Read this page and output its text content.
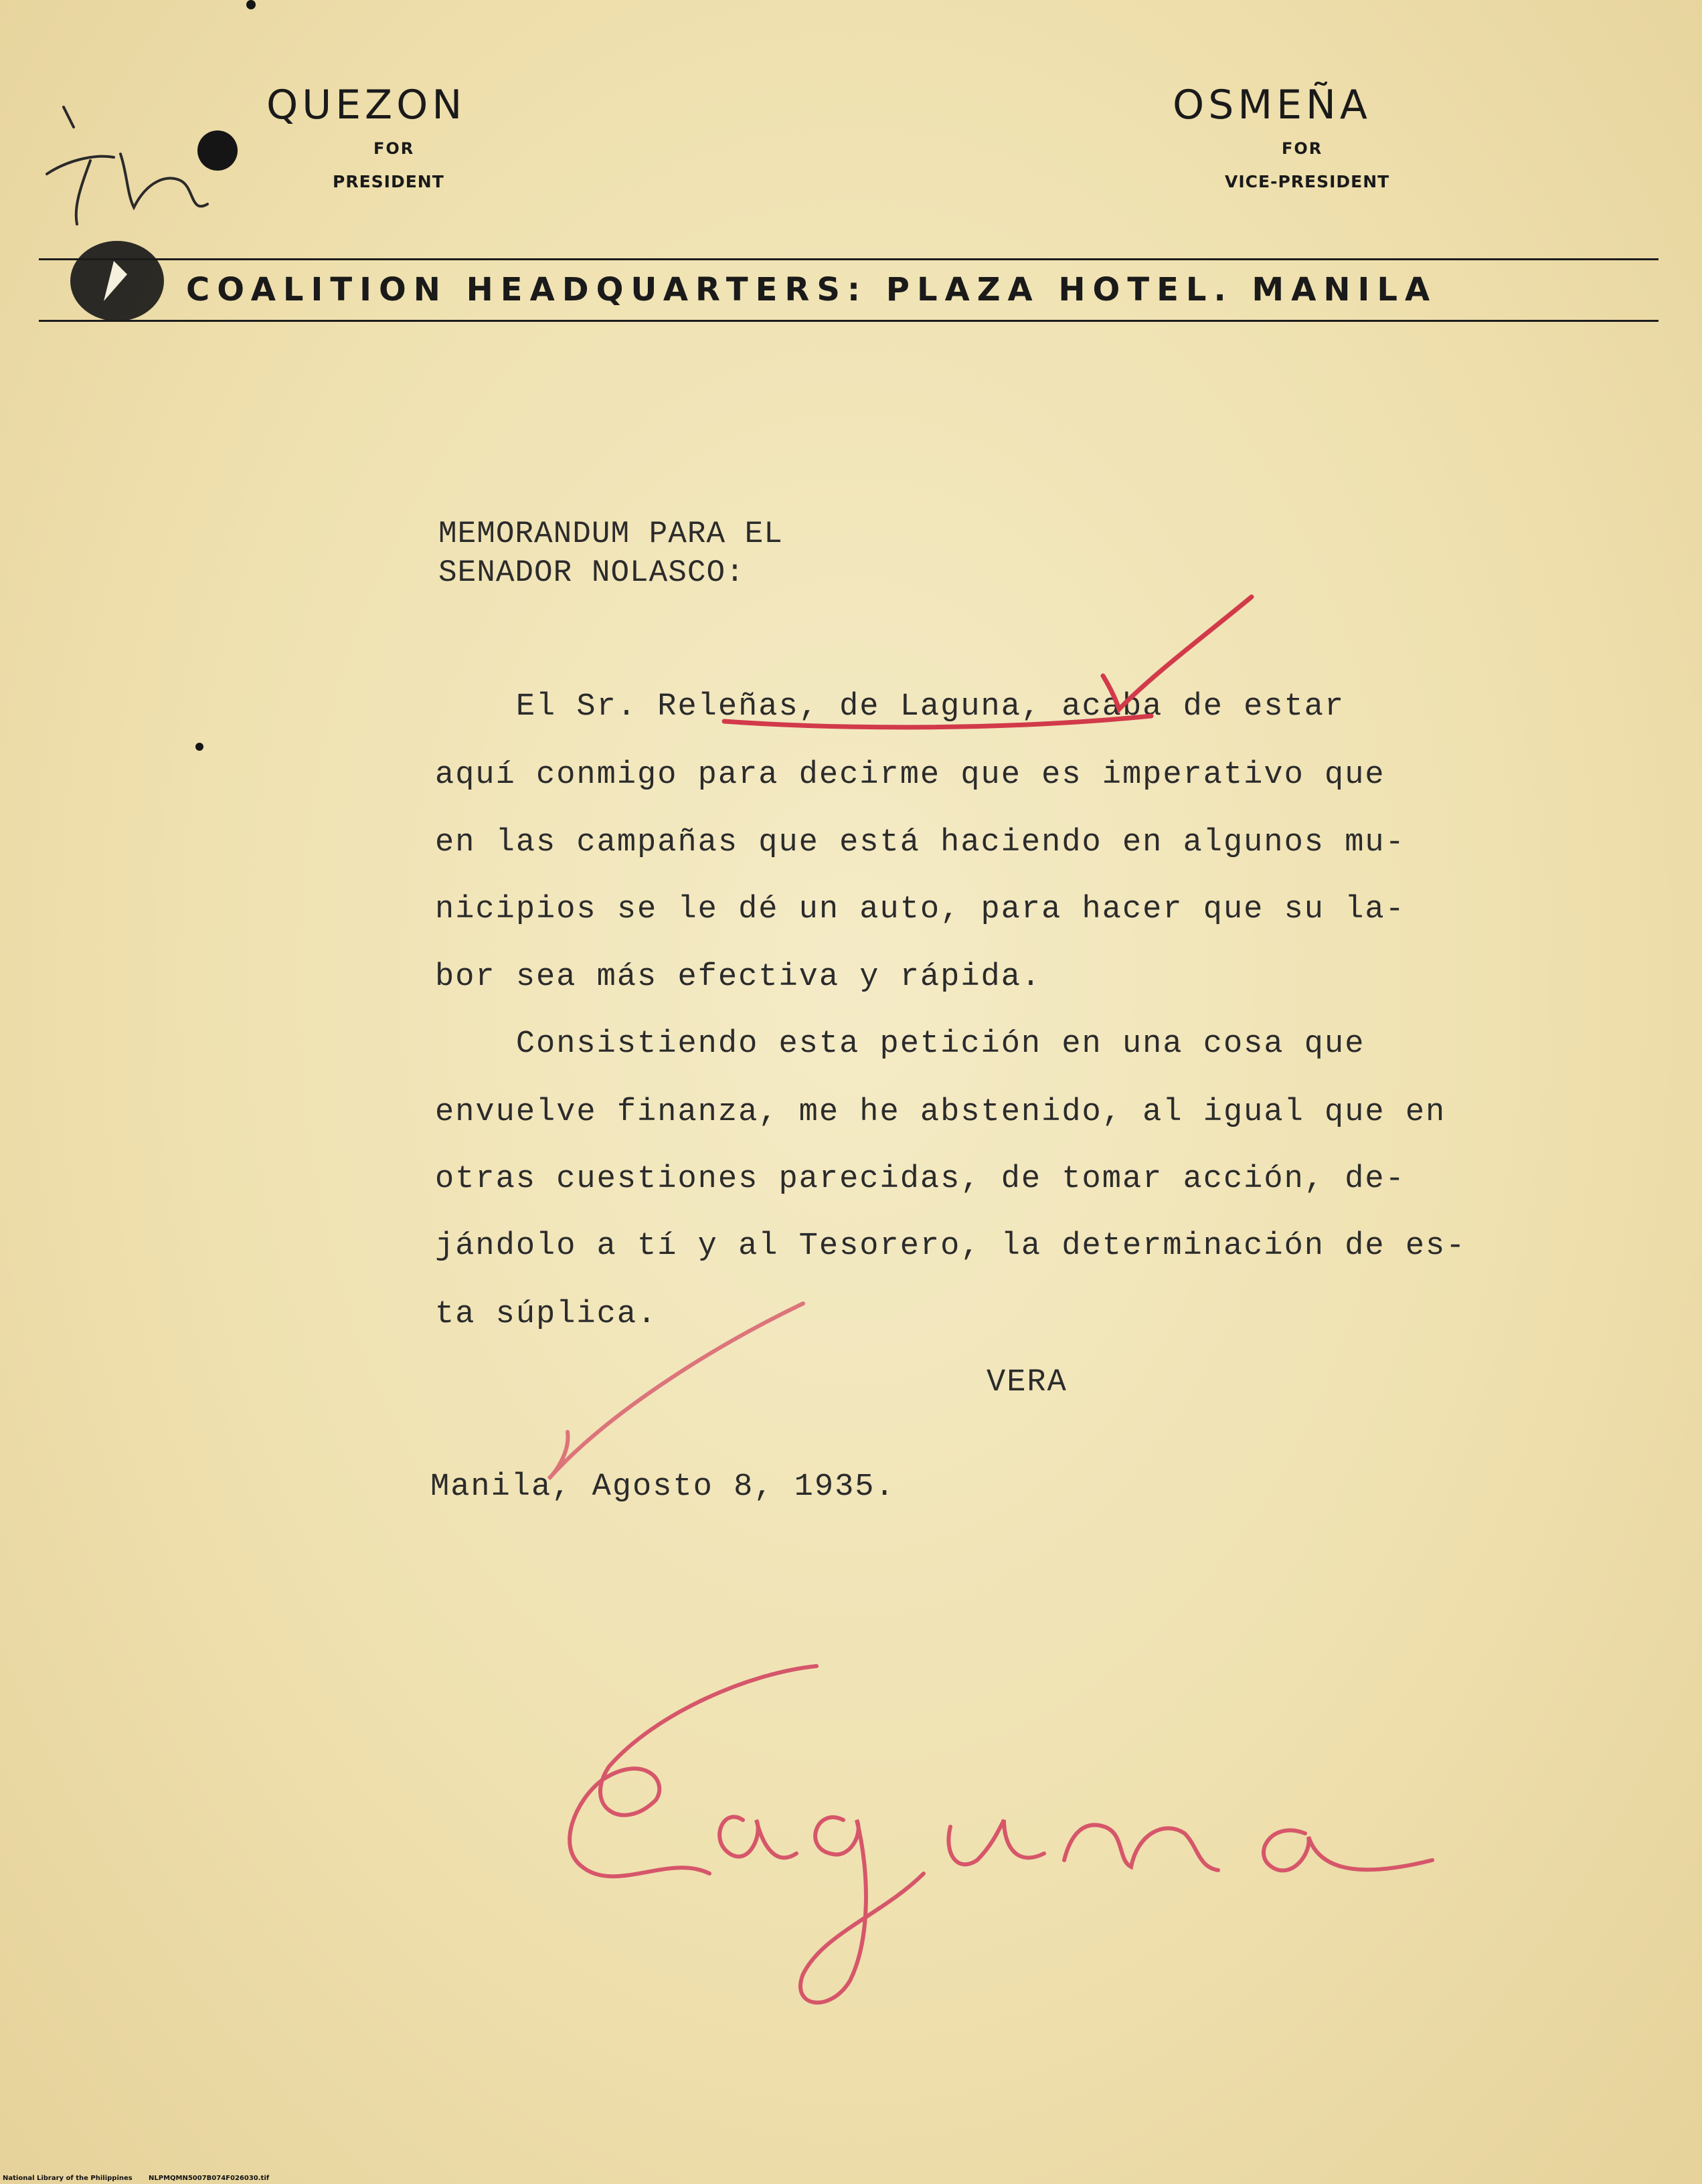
QUEZON
FOR
PRESIDENT
OSMEÑA
FOR
VICE-PRESIDENT
COALITION HEADQUARTERS: PLAZA HOTEL. MANILA
MEMORANDUM PARA EL
SENADOR NOLASCO:
El Sr. Releñas, de Laguna, acaba de estar
aquí conmigo para decirme que es imperativo que
en las campañas que está haciendo en algunos mu-
nicipios se le dé un auto, para hacer que su la-
bor sea más efectiva y rápida.
Consistiendo esta petición en una cosa que
envuelve finanza, me he abstenido, al igual que en
otras cuestiones parecidas, de tomar acción, de-
jándolo a tí y al Tesorero, la determinación de es-
ta súplica.
VERA
Manila, Agosto 8, 1935.
National Library of the Philippines NLPMQMN5007B074F026030.tif
